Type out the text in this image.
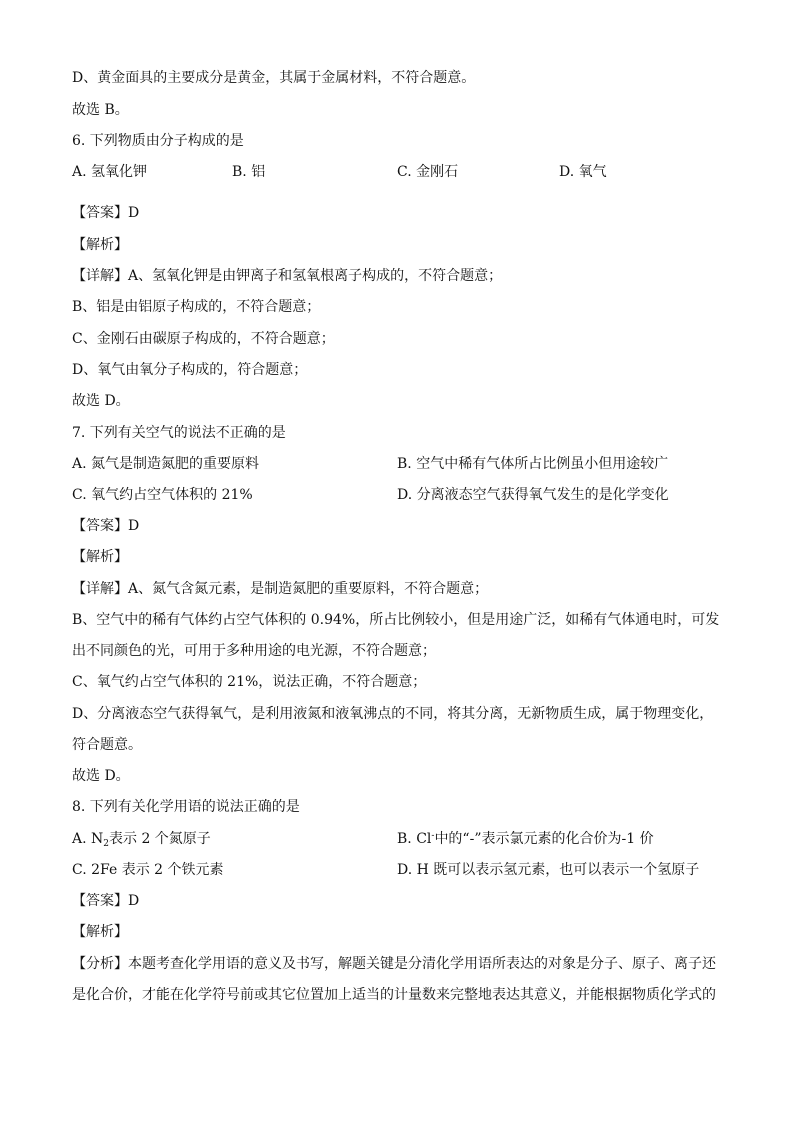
D、黄金面具的主要成分是黄金，其属于金属材料，不符合题意。
故选 B。
6. 下列物质由分子构成的是
A. 氢氧化钾	B. 铝	C. 金刚石	D. 氧气
【答案】D
【解析】
【详解】A、氢氧化钾是由钾离子和氢氧根离子构成的，不符合题意；
B、铝是由铝原子构成的，不符合题意；
C、金刚石由碳原子构成的，不符合题意；
D、氧气由氧分子构成的，符合题意；
故选 D。
7. 下列有关空气的说法不正确的是
A. 氮气是制造氮肥的重要原料	B. 空气中稀有气体所占比例虽小但用途较广
C. 氧气约占空气体积的 21%	D. 分离液态空气获得氧气发生的是化学变化
【答案】D
【解析】
【详解】A、氮气含氮元素，是制造氮肥的重要原料，不符合题意；
B、空气中的稀有气体约占空气体积的 0.94%，所占比例较小，但是用途广泛，如稀有气体通电时，可发
出不同颜色的光，可用于多种用途的电光源，不符合题意；
C、氧气约占空气体积的 21%，说法正确，不符合题意；
D、分离液态空气获得氧气，是利用液氮和液氧沸点的不同，将其分离，无新物质生成，属于物理变化，
符合题意。
故选 D。
8. 下列有关化学用语的说法正确的是
A. $N_2$表示 2 个氮原子	B. Cl-中的“-”表示氯元素的化合价为-1 价
C. 2Fe 表示 2 个铁元素	D. H 既可以表示氢元素，也可以表示一个氢原子
【答案】D
【解析】
【分析】本题考查化学用语的意义及书写，解题关键是分清化学用语所表达的对象是分子、原子、离子还
是化合价，才能在化学符号前或其它位置加上适当的计量数来完整地表达其意义，并能根据物质化学式的
